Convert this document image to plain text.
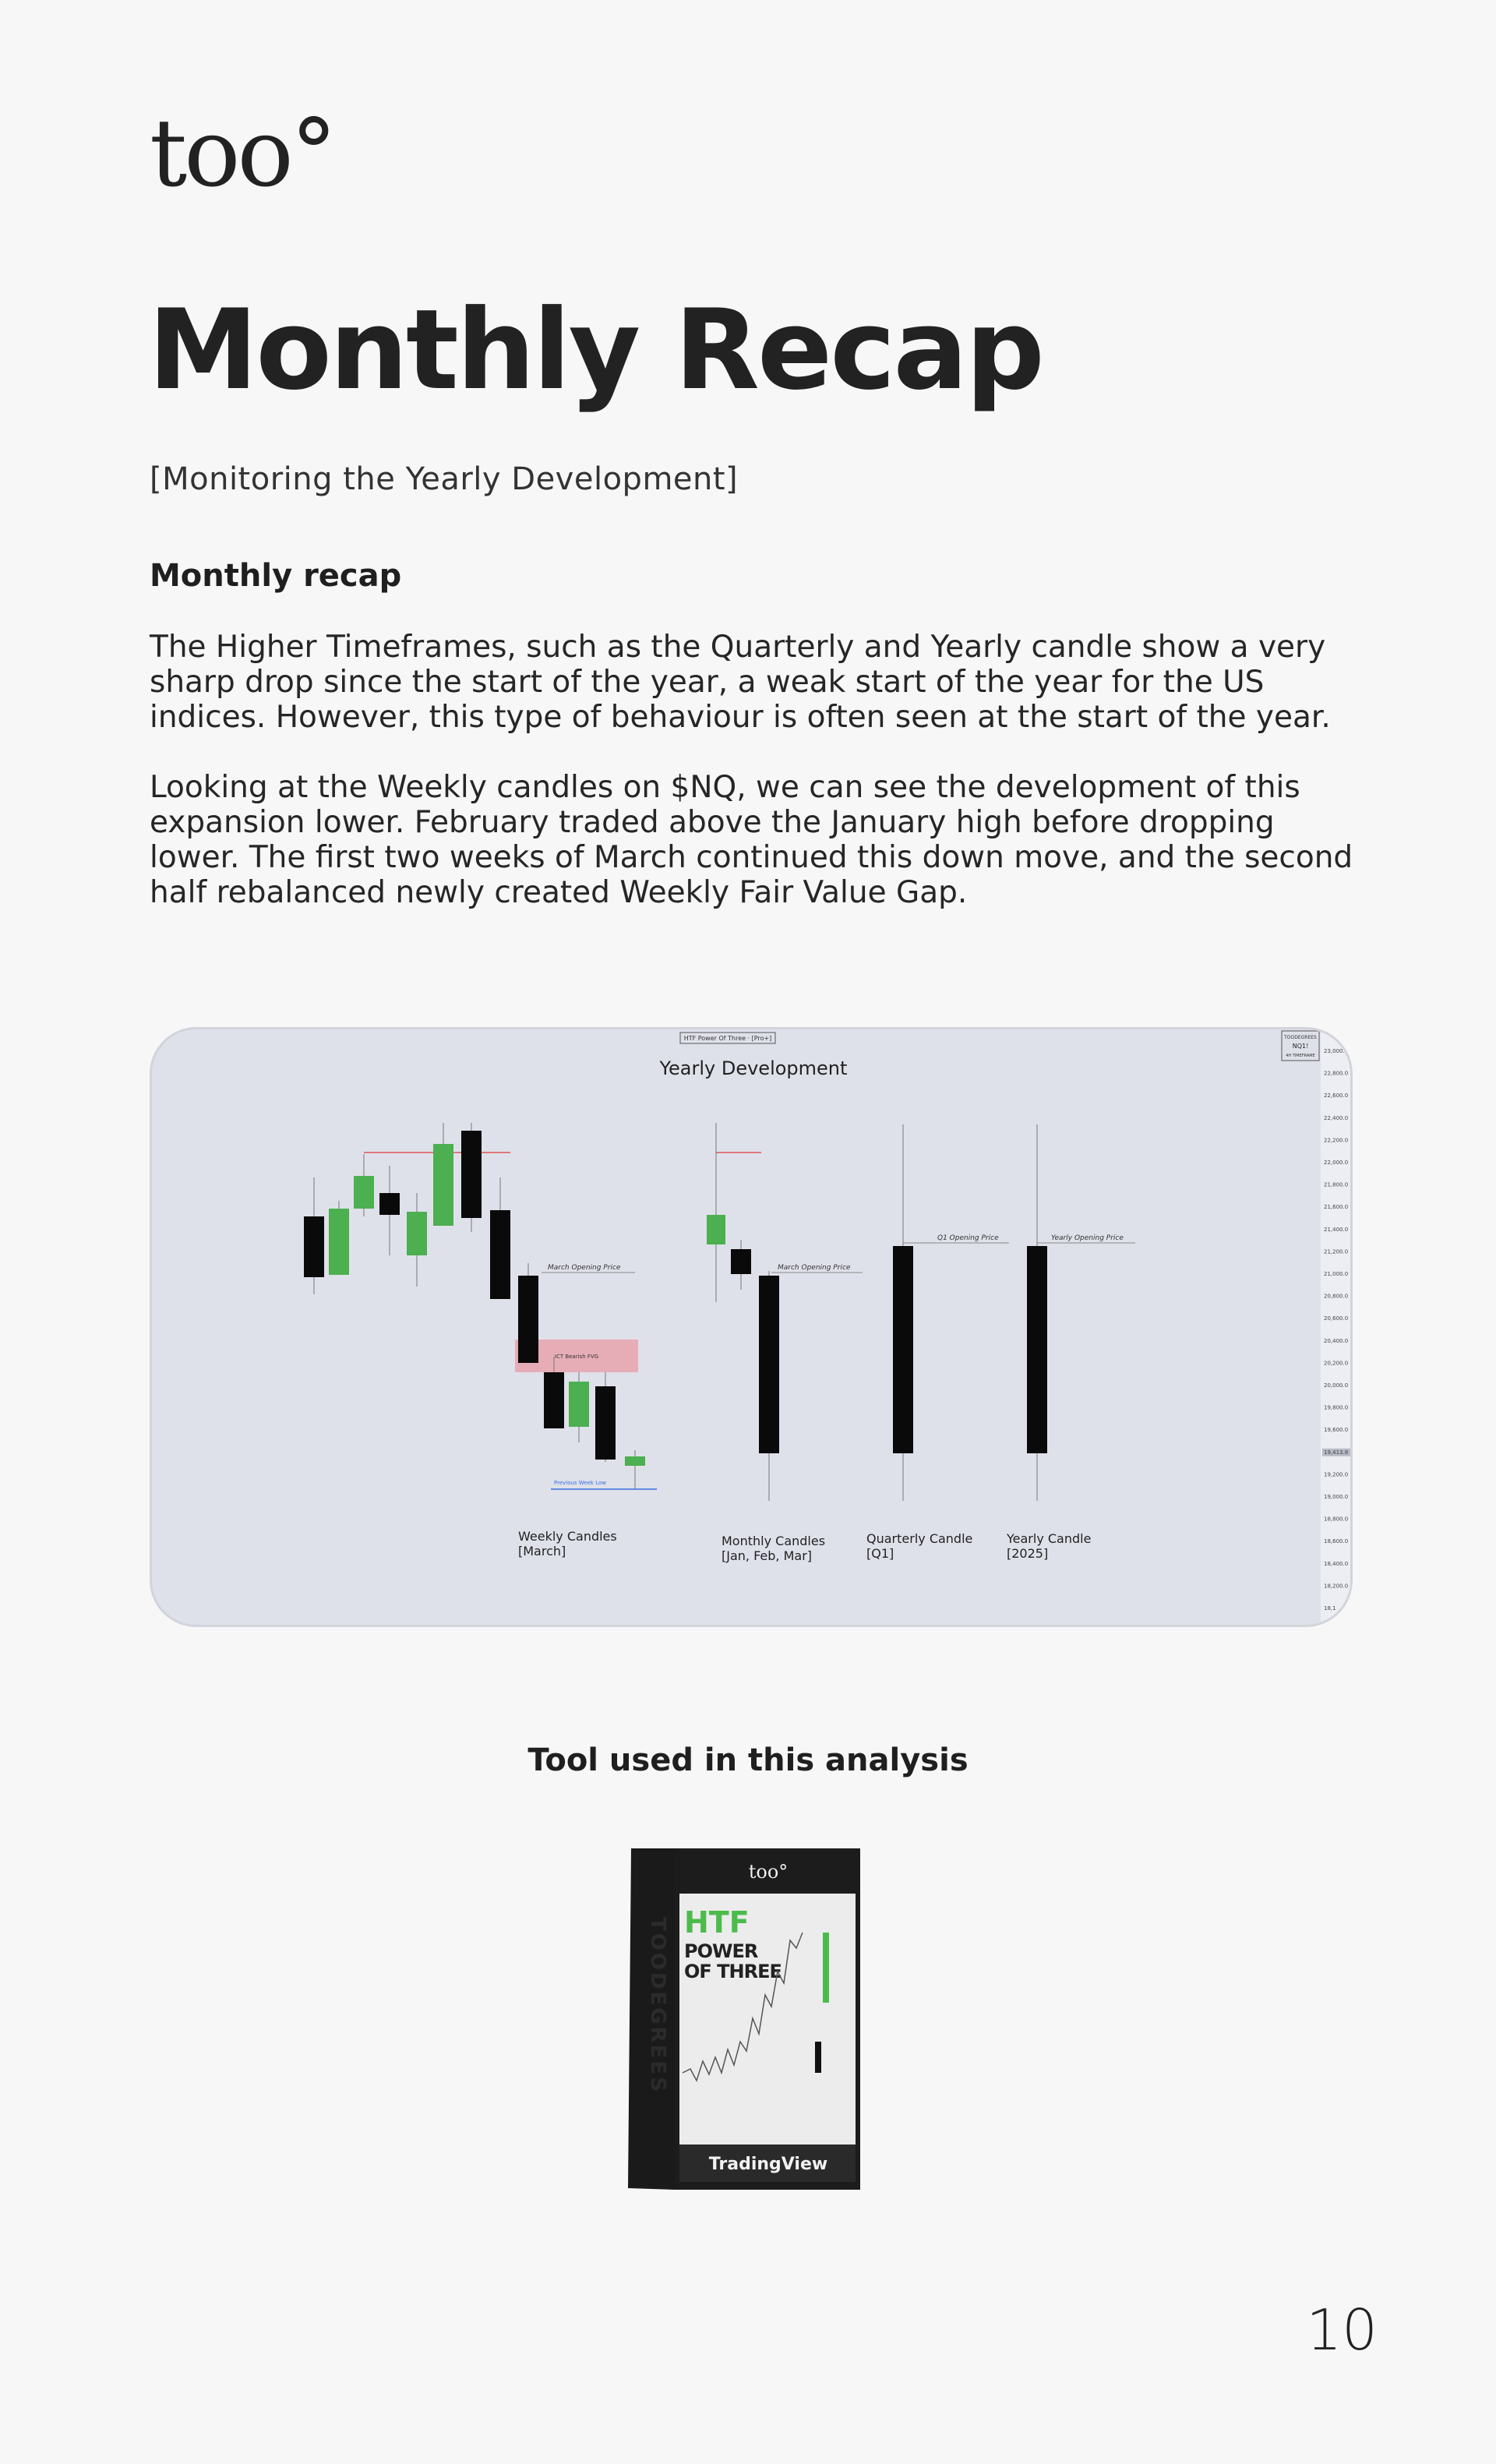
too°
Monthly Recap
[Monitoring the Yearly Development]
Monthly recap

The Higher Timeframes, such as the Quarterly and Yearly candle show a very sharp drop since the start of the year, a weak start of the year for the US indices. However, this type of behaviour is often seen at the start of the year.

Looking at the Weekly candles on $NQ, we can see the development of this expansion lower. February traded above the January high before dropping lower. The first two weeks of March continued this down move, and the second half rebalanced newly created Weekly Fair Value Gap.

23,000.0
22,800.0
22,600.0
22,400.0
22,200.0
22,000.0
21,800.0
21,600.0
21,400.0
21,200.0
21,000.0
20,800.0
20,600.0
20,400.0
20,200.0
20,000.0
19,800.0
19,600.0
19,413.8
19,200.0
19,000.0
18,800.0
18,600.0
18,400.0
18,200.0
18,1
HTF Power Of Three · [Pro+]
Yearly Development
TOODEGREES
NQ1!
4H TIMEFRAME
March Opening Price	March Opening Price
Q1 Opening Price	Yearly Opening Price
Previous Week Low
ICT Bearish FVG
Weekly Candles
[March]
Monthly Candles
[Jan, Feb, Mar]
Quarterly Candle
[Q1]
Yearly Candle
[2025]
Tool used in this analysis
TOODEGREES
too°
HTF
POWER
OF THREE
TradingView
10
